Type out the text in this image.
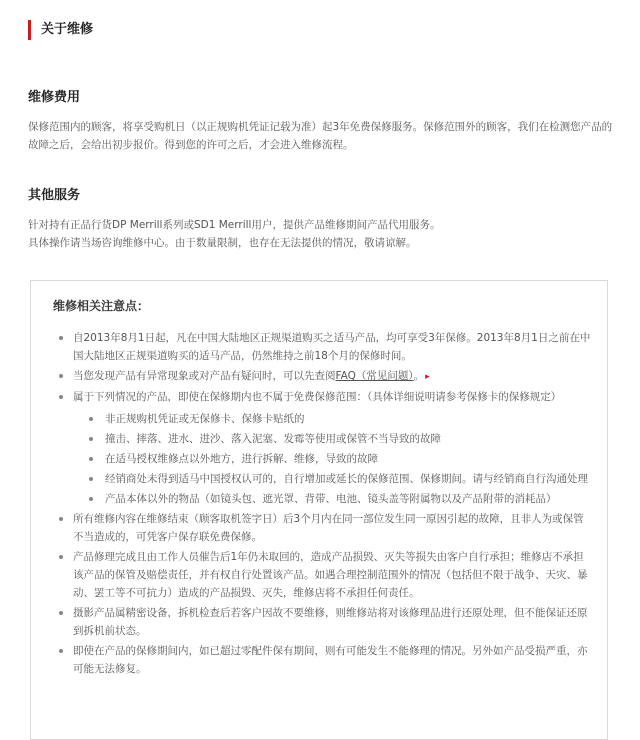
关于维修
维修费用
保修范围内的顾客，将享受购机日（以正规购机凭证记载为准）起3年免费保修服务。保修范围外的顾客，我们在检测您产品的故障之后，会给出初步报价。得到您的许可之后，才会进入维修流程。
其他服务
针对持有正品行货DP Merrill系列或SD1 Merrill用户，提供产品维修期间产品代用服务。
具体操作请当场咨询维修中心。由于数量限制，也存在无法提供的情况，敬请谅解。
维修相关注意点：
自2013年8月1日起，凡在中国大陆地区正规渠道购买之适马产品，均可享受3年保修。2013年8月1日之前在中国大陆地区正规渠道购买的适马产品，仍然维持之前18个月的保修时间。
当您发现产品有异常现象或对产品有疑问时，可以先查阅FAQ（常见问题）。▸
属于下列情况的产品，即使在保修期内也不属于免费保修范围：（具体详细说明请参考保修卡的保修规定）
非正规购机凭证或无保修卡、保修卡贴纸的
撞击、摔落、进水、进沙、落入泥塞、发霉等使用或保管不当导致的故障
在适马授权维修点以外地方，进行拆解、维修，导致的故障
经销商处未得到适马中国授权认可的，自行增加或延长的保修范围、保修期间。请与经销商自行沟通处理
产品本体以外的物品（如镜头包、遮光罩、背带、电池、镜头盖等附属物以及产品附带的消耗品）
所有维修内容在维修结束（顾客取机签字日）后3个月内在同一部位发生同一原因引起的故障，且非人为或保管不当造成的，可凭客户保存联免费保修。
产品修理完成且由工作人员催告后1年仍未取回的，造成产品损毁、灭失等损失由客户自行承担；维修店不承担该产品的保管及赔偿责任，并有权自行处置该产品。如遇合理控制范围外的情况（包括但不限于战争、天灾、暴动、罢工等不可抗力）造成的产品损毁、灭失，维修店将不承担任何责任。
摄影产品属精密设备，拆机检查后若客户因故不要维修，则维修站将对该修理品进行还原处理，但不能保证还原到拆机前状态。
即使在产品的保修期间内，如已超过零配件保有期间，则有可能发生不能修理的情况。另外如产品受损严重，亦可能无法修复。
